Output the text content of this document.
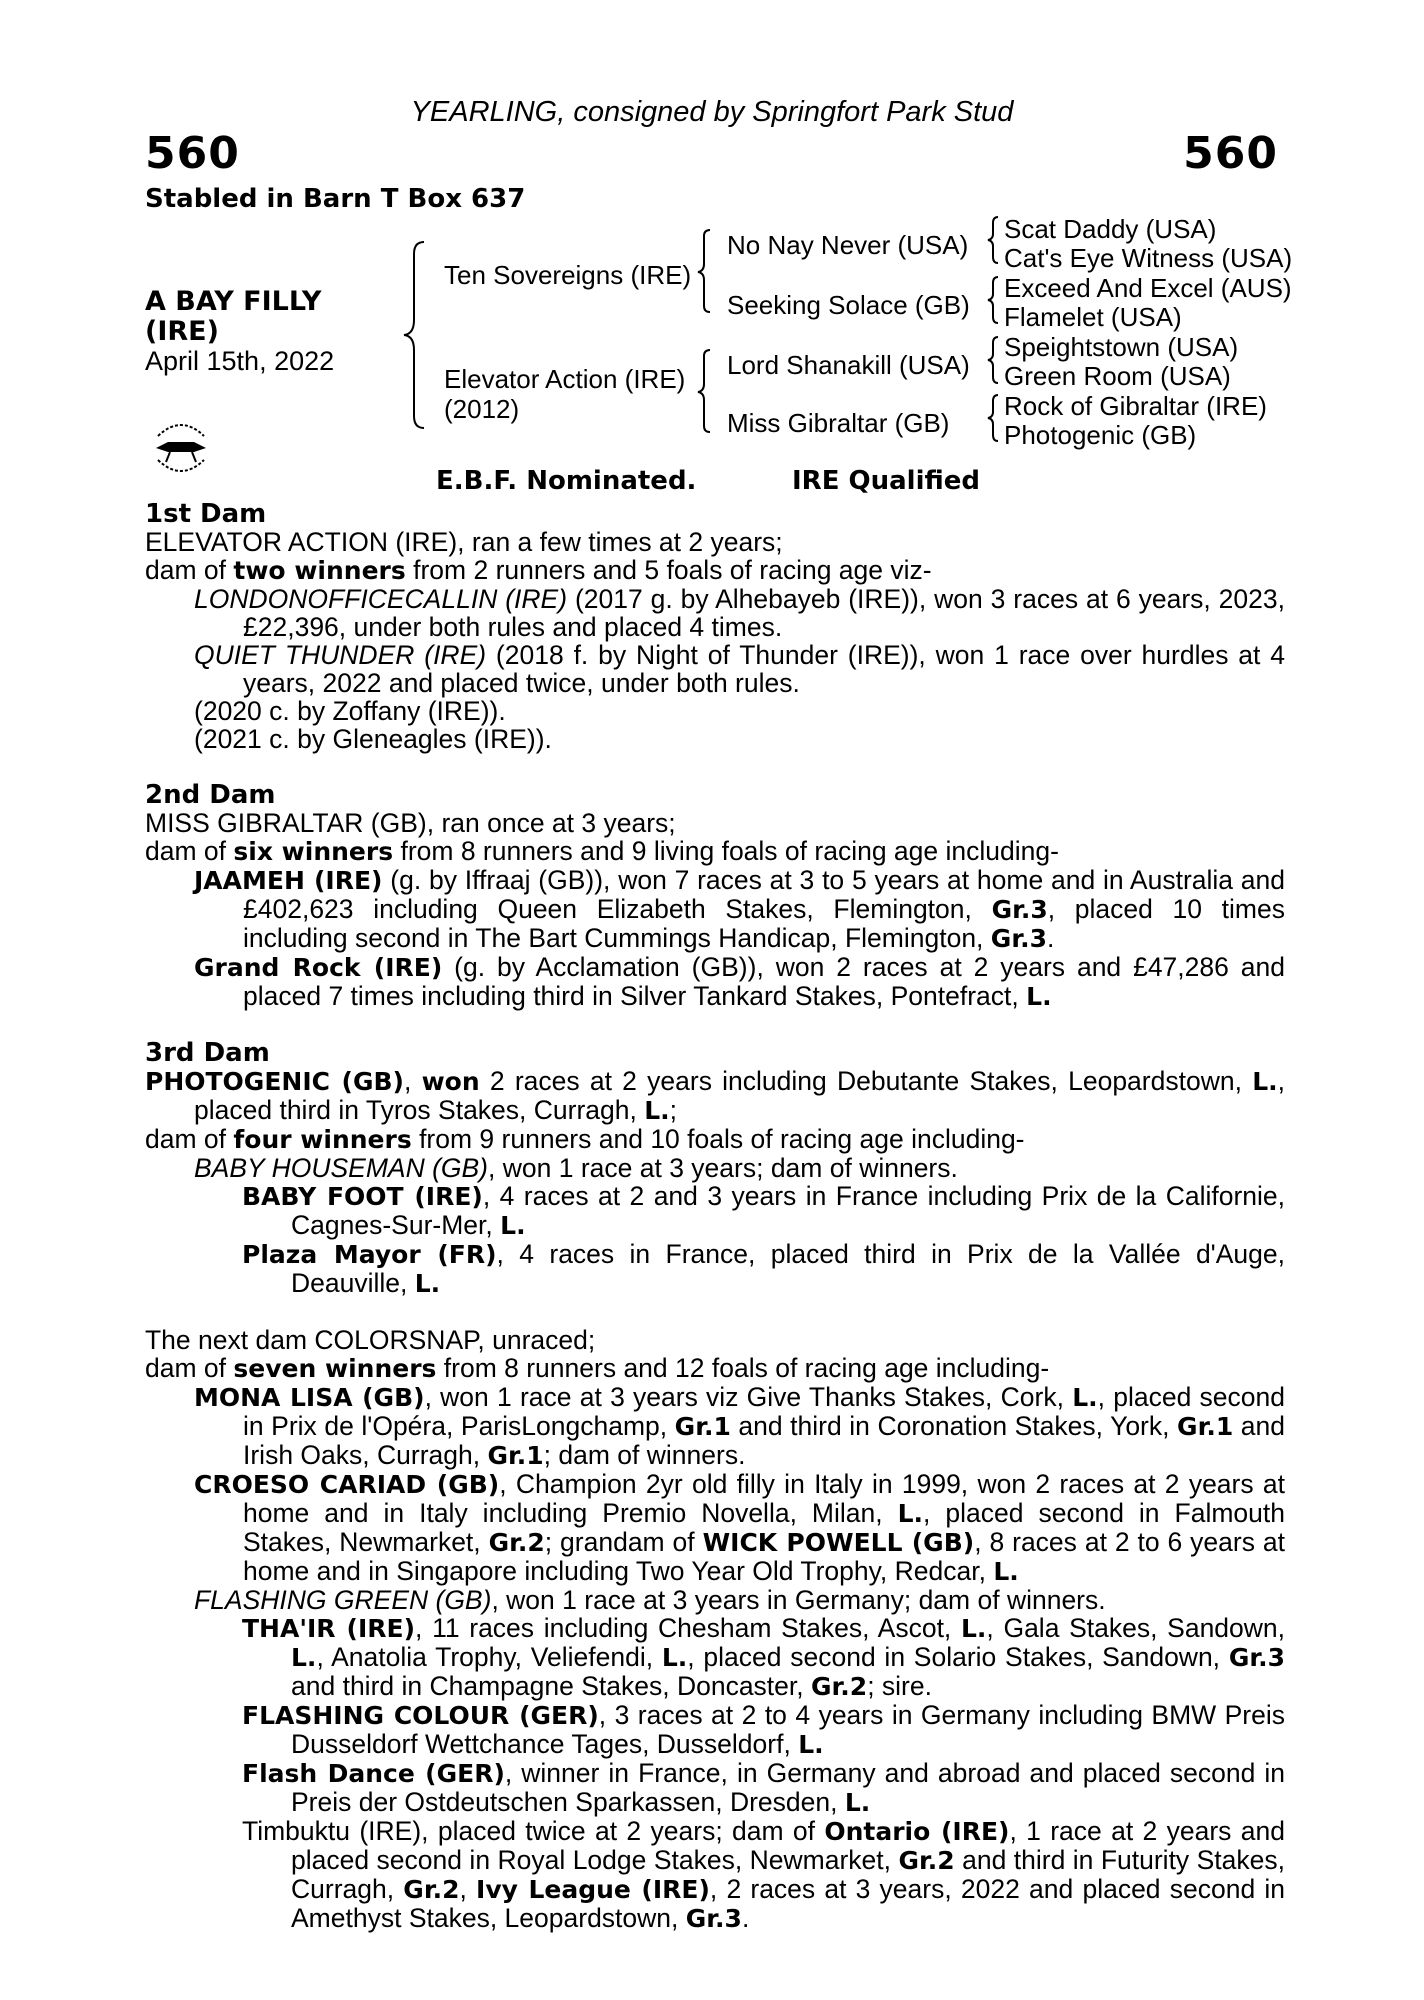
YEARLING, consigned by Springfort Park Stud
560	560
Stabled in Barn T Box 637
A BAY FILLY
(IRE)
April 15th, 2022
Ten Sovereigns (IRE)
Elevator Action (IRE)
(2012)
No Nay Never (USA)
Seeking Solace (GB)
Lord Shanakill (USA)
Miss Gibraltar (GB)
Scat Daddy (USA)
Cat's Eye Witness (USA)
Exceed And Excel (AUS)
Flamelet (USA)
Speightstown (USA)
Green Room (USA)
Rock of Gibraltar (IRE)
Photogenic (GB)
E.B.F. Nominated.	IRE Qualified
1st Dam

ELEVATOR ACTION (IRE), ran a few times at 2 years;

dam of two winners from 2 runners and 5 foals of racing age viz-

LONDONOFFICECALLIN (IRE) (2017 g. by Alhebayeb (IRE)), won 3 races at 6 years, 2023, £22,396, under both rules and placed 4 times.

QUIET THUNDER (IRE) (2018 f. by Night of Thunder (IRE)), won 1 race over hurdles at 4 years, 2022 and placed twice, under both rules.

(2020 c. by Zoffany (IRE)).

(2021 c. by Gleneagles (IRE)).

2nd Dam

MISS GIBRALTAR (GB), ran once at 3 years;

dam of six winners from 8 runners and 9 living foals of racing age including-

JAAMEH (IRE) (g. by Iffraaj (GB)), won 7 races at 3 to 5 years at home and in Australia and £402,623 including Queen Elizabeth Stakes, Flemington, Gr.3, placed 10 times including second in The Bart Cummings Handicap, Flemington, Gr.3.

Grand Rock (IRE) (g. by Acclamation (GB)), won 2 races at 2 years and £47,286 and placed 7 times including third in Silver Tankard Stakes, Pontefract, L.

3rd Dam

PHOTOGENIC (GB), won 2 races at 2 years including Debutante Stakes, Leopardstown, L., placed third in Tyros Stakes, Curragh, L.;

dam of four winners from 9 runners and 10 foals of racing age including-

BABY HOUSEMAN (GB), won 1 race at 3 years; dam of winners.

BABY FOOT (IRE), 4 races at 2 and 3 years in France including Prix de la Californie, Cagnes-Sur-Mer, L.

Plaza Mayor (FR), 4 races in France, placed third in Prix de la Vallée d'Auge, Deauville, L.

The next dam COLORSNAP, unraced;

dam of seven winners from 8 runners and 12 foals of racing age including-

MONA LISA (GB), won 1 race at 3 years viz Give Thanks Stakes, Cork, L., placed second in Prix de l'Opéra, ParisLongchamp, Gr.1 and third in Coronation Stakes, York, Gr.1 and Irish Oaks, Curragh, Gr.1; dam of winners.

CROESO CARIAD (GB), Champion 2yr old filly in Italy in 1999, won 2 races at 2 years at home and in Italy including Premio Novella, Milan, L., placed second in Falmouth Stakes, Newmarket, Gr.2; grandam of WICK POWELL (GB), 8 races at 2 to 6 years at home and in Singapore including Two Year Old Trophy, Redcar, L.

FLASHING GREEN (GB), won 1 race at 3 years in Germany; dam of winners.

THA'IR (IRE), 11 races including Chesham Stakes, Ascot, L., Gala Stakes, Sandown, L., Anatolia Trophy, Veliefendi, L., placed second in Solario Stakes, Sandown, Gr.3 and third in Champagne Stakes, Doncaster, Gr.2; sire.

FLASHING COLOUR (GER), 3 races at 2 to 4 years in Germany including BMW Preis Dusseldorf Wettchance Tages, Dusseldorf, L.

Flash Dance (GER), winner in France, in Germany and abroad and placed second in Preis der Ostdeutschen Sparkassen, Dresden, L.

Timbuktu (IRE), placed twice at 2 years; dam of Ontario (IRE), 1 race at 2 years and placed second in Royal Lodge Stakes, Newmarket, Gr.2 and third in Futurity Stakes, Curragh, Gr.2, Ivy League (IRE), 2 races at 3 years, 2022 and placed second in Amethyst Stakes, Leopardstown, Gr.3.
